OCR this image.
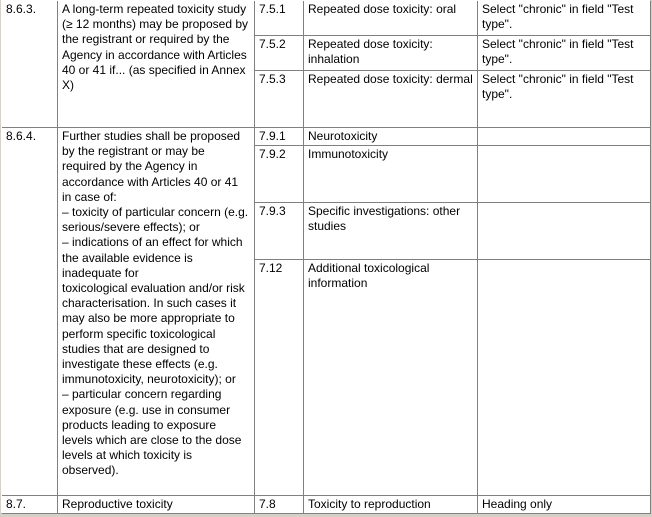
8.6.3.	A long-term repeated toxicity study (≥ 12 months) may be proposed by the registrant or required by the Agency in accordance with Articles 40 or 41 if... (as specified in Annex X)	7.5.1	Repeated dose toxicity: oral	Select "chronic" in field "Test type".

		7.5.2	Repeated dose toxicity: inhalation	Select "chronic" in field "Test type".

		7.5.3	Repeated dose toxicity: dermal	Select "chronic" in field "Test type".

8.6.4.	Further studies shall be proposed by the registrant or may be required by the Agency in accordance with Articles 40 or 41 in case of:
– toxicity of particular concern (e.g. serious/severe effects); or
– indications of an effect for which the available evidence is inadequate for
toxicological evaluation and/or risk characterisation. In such cases it may also be more appropriate to perform specific toxicological studies that are designed to investigate these effects (e.g. immunotoxicity, neurotoxicity); or
– particular concern regarding exposure (e.g. use in consumer products leading to exposure levels which are close to the dose levels at which toxicity is observed).	7.9.1	Neurotoxicity	

		7.9.2	Immunotoxicity	

		7.9.3	Specific investigations: other studies	

		7.12	Additional toxicological information	

8.7.	Reproductive toxicity	7.8	Toxicity to reproduction	Heading only
